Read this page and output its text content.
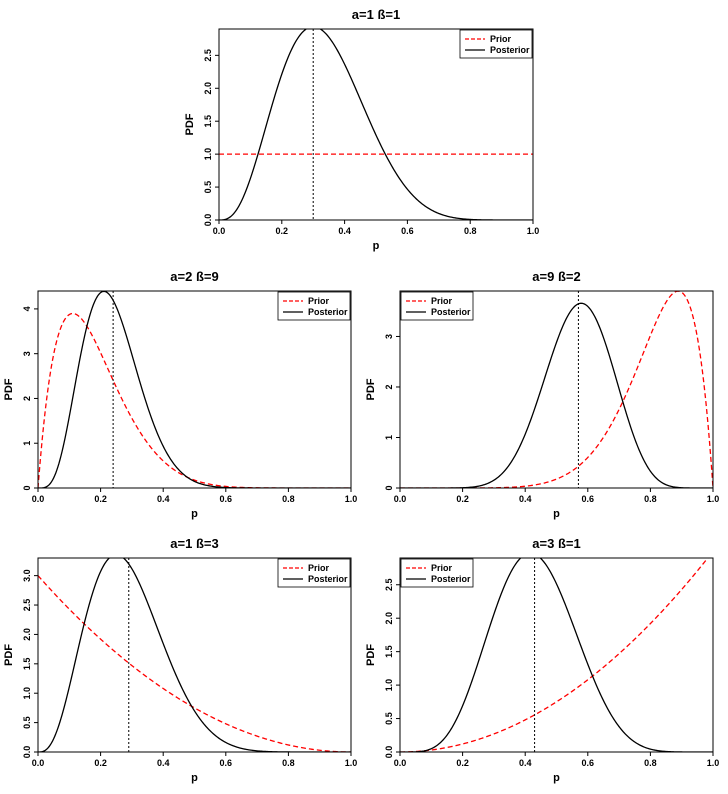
a=1 ß=1
0.0	0.2	0.4	0.6	0.8	1.0
p
0.0
0.5
1.0
1.5
2.0
2.5
PDF
Prior
Posterior
a=2 ß=9
0.0	0.2	0.4	0.6	0.8	1.0
p
0
1
2
3
4
PDF
Prior
Posterior
a=9 ß=2
0.0	0.2	0.4	0.6	0.8	1.0
p
0
1
2
3
PDF
Prior
Posterior
a=1 ß=3
0.0	0.2	0.4	0.6	0.8	1.0
p
0.0
0.5
1.0
1.5
2.0
2.5
3.0
PDF
Prior
Posterior
a=3 ß=1
0.0	0.2	0.4	0.6	0.8	1.0
p
0.0
0.5
1.0
1.5
2.0
2.5
PDF
Prior
Posterior
